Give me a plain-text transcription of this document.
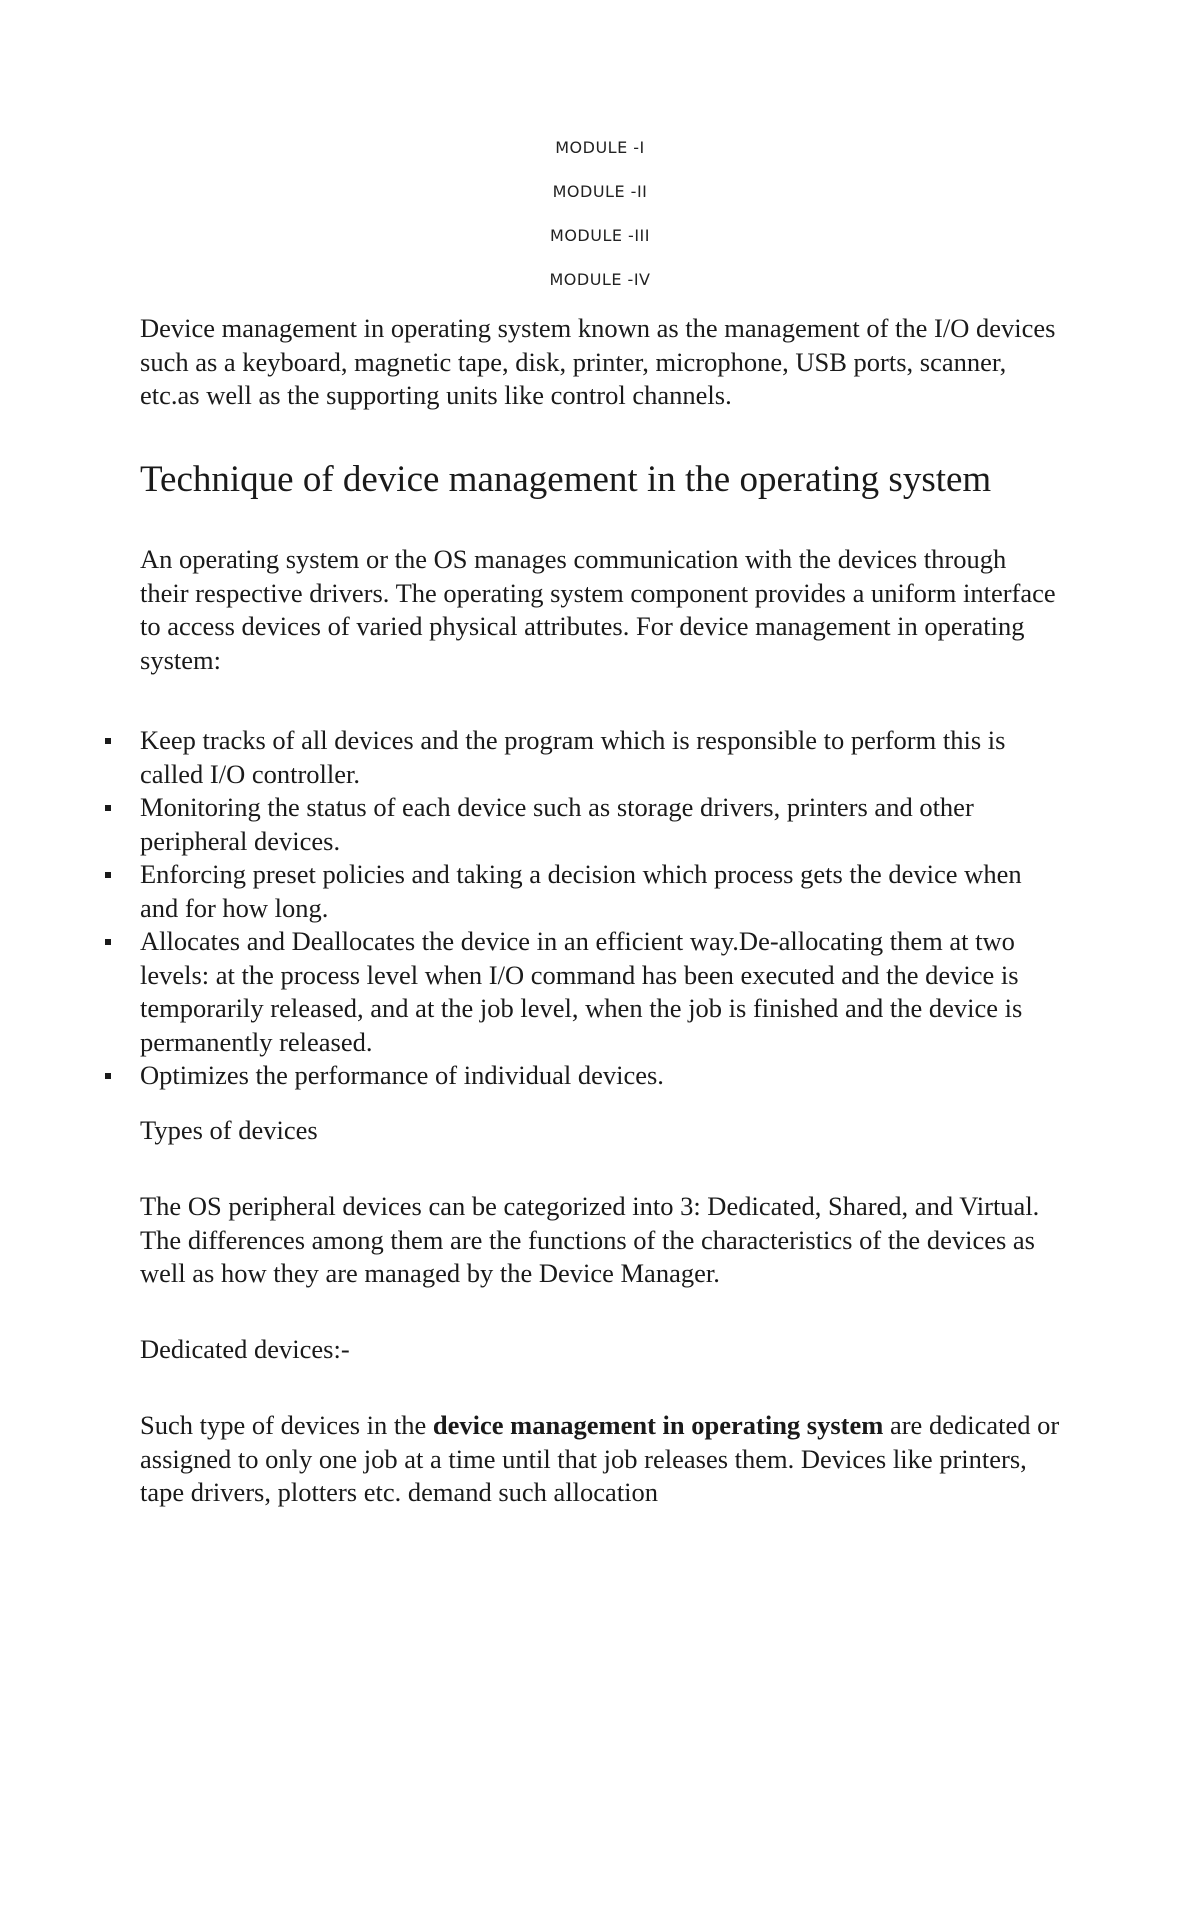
MODULE -I
MODULE -II
MODULE -III
MODULE -IV
Device management in operating system known as the management of the I/O devices such as a keyboard, magnetic tape, disk, printer, microphone, USB ports, scanner, etc.as well as the supporting units like control channels.
Technique of device management in the operating system
An operating system or the OS manages communication with the devices through their respective drivers. The operating system component provides a uniform interface to access devices of varied physical attributes. For device management in operating system:
Keep tracks of all devices and the program which is responsible to perform this is called I/O controller.
Monitoring the status of each device such as storage drivers, printers and other peripheral devices.
Enforcing preset policies and taking a decision which process gets the device when and for how long.
Allocates and Deallocates the device in an efficient way.De-allocating them at two levels: at the process level when I/O command has been executed and the device is temporarily released, and at the job level, when the job is finished and the device is permanently released.
Optimizes the performance of individual devices.
Types of devices
The OS peripheral devices can be categorized into 3: Dedicated, Shared, and Virtual. The differences among them are the functions of the characteristics of the devices as well as how they are managed by the Device Manager.
Dedicated devices:-
Such type of devices in the device management in operating system are dedicated or assigned to only one job at a time until that job releases them. Devices like printers, tape drivers, plotters etc. demand such allocation
